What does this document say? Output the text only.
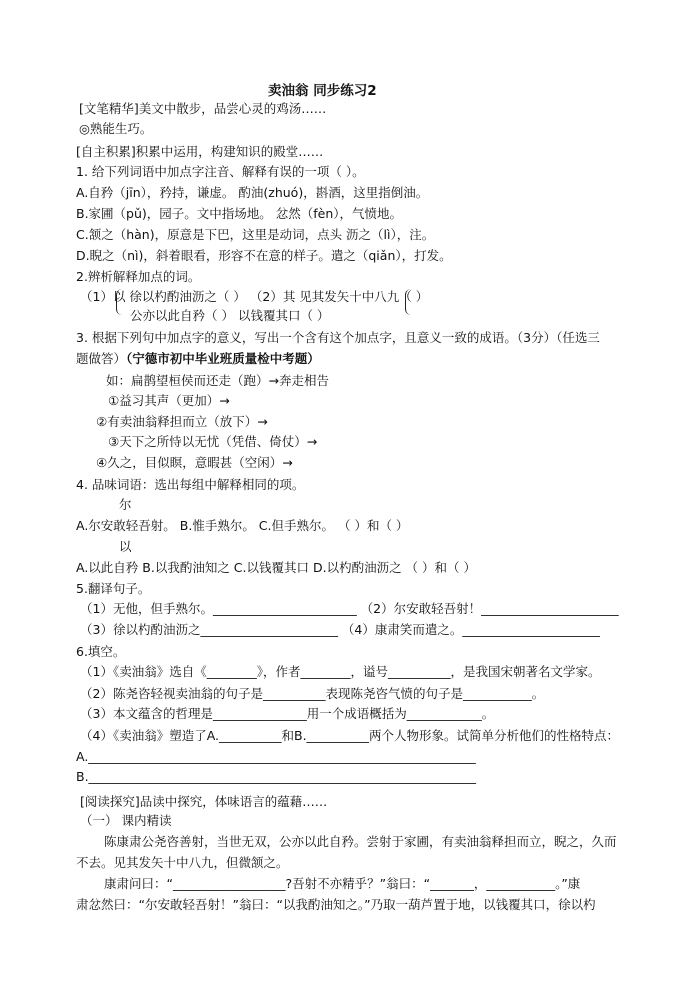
卖油翁 同步练习2
[文笔精华]美文中散步，品尝心灵的鸡汤……
◎熟能生巧。
[自主积累]积累中运用，构建知识的殿堂……
1. 给下列词语中加点字注音、解释有误的一项（ ）。
A.自矜（jīn），矜持，谦虚。 酌油(zhuó)，斟酒，这里指倒油。
B.家圃（pǔ)，园子。文中指场地。 忿然（fèn），气愤地。
C.颔之（hàn)，原意是下巴，这里是动词，点头 沥之（lì），注。
D.睨之（nì)，斜着眼看，形容不在意的样子。遣之（qiǎn），打发。
2.辨析解释加点的词。
（1）以 徐以杓酌油沥之（ ） （2）其 见其发矢十中八九（ ）
公亦以此自矜（ ） 以钱覆其口（ ）
3. 根据下列句中加点字的意义，写出一个含有这个加点字，且意义一致的成语。（3分）（任选三
题做答）（宁德市初中毕业班质量检中考题）
如：扁鹊望桓侯而还走（跑）→奔走相告
①益习其声（更加）→
②有卖油翁释担而立（放下）→
③天下之所恃以无忧（凭借、倚仗）→
④久之，目似瞑，意暇甚（空闲）→
4. 品味词语：选出每组中解释相同的项。
尔
A.尔安敢轻吾射。 B.惟手熟尔。 C.但手熟尔。 （ ）和（ ）
以
A.以此自矜 B.以我酌油知之 C.以钱覆其口 D.以杓酌油沥之 （ ）和（ ）
5.翻译句子。
（1）无他，但手熟尔。_______________________ （2）尔安敢轻吾射！______________________
（3）徐以杓酌油沥之______________________ （4）康肃笑而遣之。______________________
6.填空。
（1）《卖油翁》选自《________》，作者________，谥号__________，是我国宋朝著名文学家。
（2）陈尧咨轻视卖油翁的句子是__________表现陈尧咨气愤的句子是___________。
（3）本文蕴含的哲理是_______________用一个成语概括为____________。
（4）《卖油翁》塑造了A.__________和B.__________两个人物形象。试简单分析他们的性格特点：
A.______________________________________________________________
B.______________________________________________________________
[阅读探究]品读中探究，体味语言的蕴藉……
（一） 课内精读
陈康肃公尧咨善射，当世无双，公亦以此自矜。尝射于家圃，有卖油翁释担而立，睨之，久而
不去。见其发矢十中八九，但微颔之。
康肃问曰：“__________________?吾射不亦精乎？”翁曰：“_______，___________。”康
肃忿然曰：“尔安敢轻吾射！”翁曰：“以我酌油知之。”乃取一葫芦置于地，以钱覆其口，徐以杓
